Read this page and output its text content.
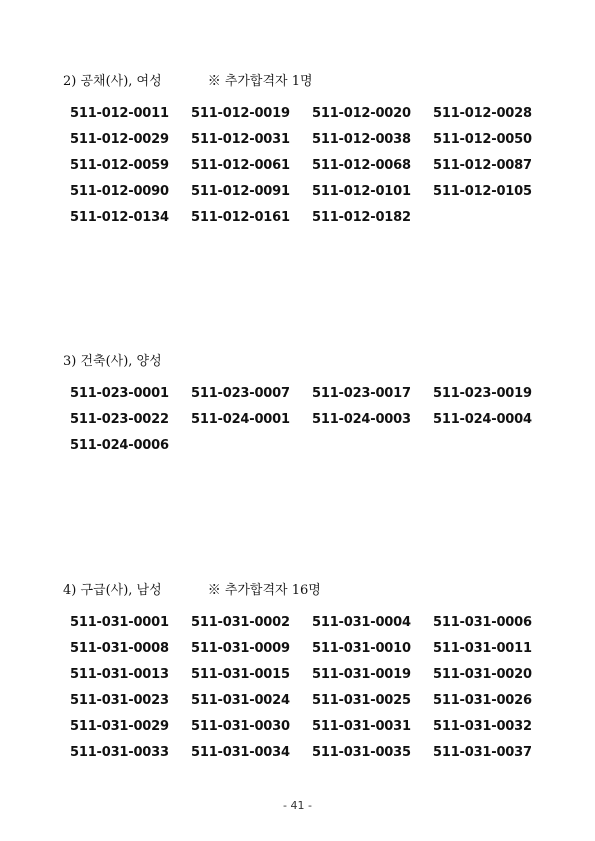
2) 공채(사), 여성	※ 추가합격자 1명
511-012-0011	511-012-0019	511-012-0020	511-012-0028
511-012-0029	511-012-0031	511-012-0038	511-012-0050
511-012-0059	511-012-0061	511-012-0068	511-012-0087
511-012-0090	511-012-0091	511-012-0101	511-012-0105
511-012-0134	511-012-0161	511-012-0182
3) 건축(사), 양성
511-023-0001	511-023-0007	511-023-0017	511-023-0019
511-023-0022	511-024-0001	511-024-0003	511-024-0004
511-024-0006
4) 구급(사), 남성	※ 추가합격자 16명
511-031-0001	511-031-0002	511-031-0004	511-031-0006
511-031-0008	511-031-0009	511-031-0010	511-031-0011
511-031-0013	511-031-0015	511-031-0019	511-031-0020
511-031-0023	511-031-0024	511-031-0025	511-031-0026
511-031-0029	511-031-0030	511-031-0031	511-031-0032
511-031-0033	511-031-0034	511-031-0035	511-031-0037
- 41 -
